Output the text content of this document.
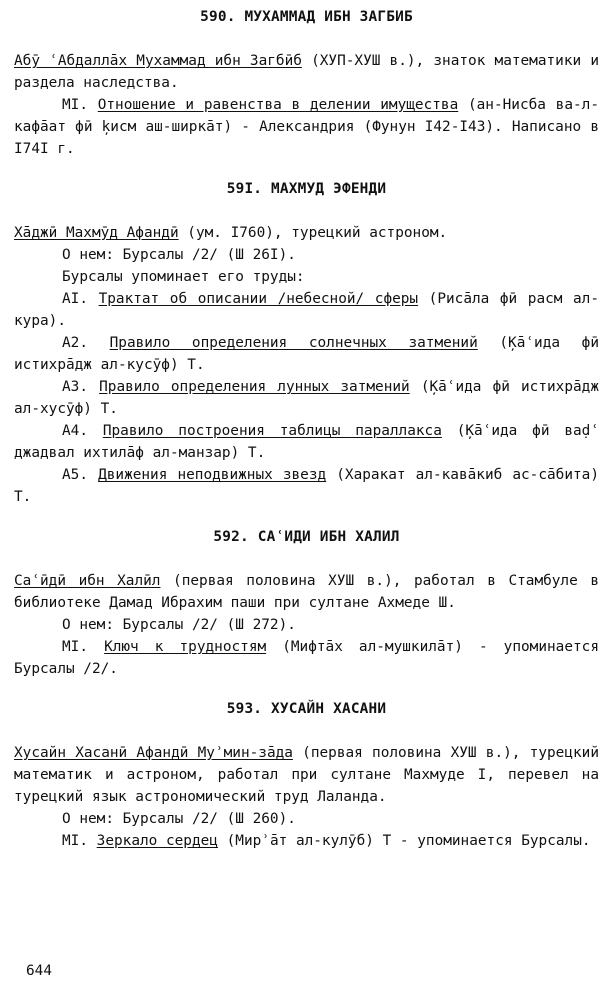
590. МУХАММАД ИБН ЗАГБИБ

Абӯ ʿАбдаллāх Мухаммад ибн Загбӣб (ХУП-ХУШ в.), знаток математики и раздела наследства.

МI. Отношение и равенства в делении имущества (ан-Нисба ва-л-кафāат фӣ ķисм аш-ширкāт) - Александрия (Фунун I42-I43). Написано в I74I г.

59I. МАХМУД ЭФЕНДИ

Хāджӣ Махмӯд Афандӣ (ум. I760), турецкий астроном.

О нем: Бурсалы /2/ (Ш 26I).

Бурсалы упоминает его труды:

AI. Трактат об описании /небесной/ сферы (Рисāла фӣ расм ал-кура).

А2. Правило определения солнечных затмений (Ķāʿида фӣ истихрāдж ал-кусӯф) Т.

А3. Правило определения лунных затмений (Ķāʿида фӣ истихрāдж ал-хусӯф) Т.

А4. Правило построения таблицы параллакса (Ķāʿида фӣ ваḍʿ джадвал ихтилāф ал-манзар) Т.

А5. Движения неподвижных звезд (Харакат ал-кавāкиб ас-сāбита) Т.

592. САʿИДИ ИБН ХАЛИЛ

Саʿӣдӣ ибн Халӣл (первая половина ХУШ в.), работал в Стамбуле в библиотеке Дамад Ибрахим паши при султане Ахмеде Ш.

О нем: Бурсалы /2/ (Ш 272).

МI. Ключ к трудностям (Мифтāх ал-мушкилāт) - упоминается Бурсалы /2/.

593. ХУСАЙН ХАСАНИ

Хусайн Хасанӣ Афандӣ Муʾмин-зāда (первая половина ХУШ в.), турецкий математик и астроном, работал при султане Махмуде I, перевел на турецкий язык астрономический труд Лаланда.

О нем: Бурсалы /2/ (Ш 260).

МI. Зеркало сердец (Мирʾāт ал-кулӯб) Т - упоминается Бурсалы.

644
